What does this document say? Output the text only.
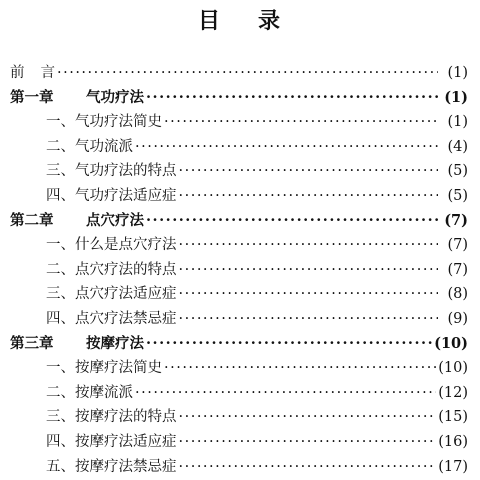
目 录
前 言 ·····	(1)
第一章 气功疗法 ·····	(1)
一、气功疗法简史 ·····	(1)
二、气功流派 ·····	(4)
三、气功疗法的特点 ·····	(5)
四、气功疗法适应症 ·····	(5)
第二章 点穴疗法 ·····	(7)
一、什么是点穴疗法 ·····	(7)
二、点穴疗法的特点 ·····	(7)
三、点穴疗法适应症 ·····	(8)
四、点穴疗法禁忌症 ·····	(9)
第三章 按摩疗法 ·····	(10)
一、按摩疗法简史 ·····	(10)
二、按摩流派 ·····	(12)
三、按摩疗法的特点 ·····	(15)
四、按摩疗法适应症 ·····	(16)
五、按摩疗法禁忌症 ·····	(17)
